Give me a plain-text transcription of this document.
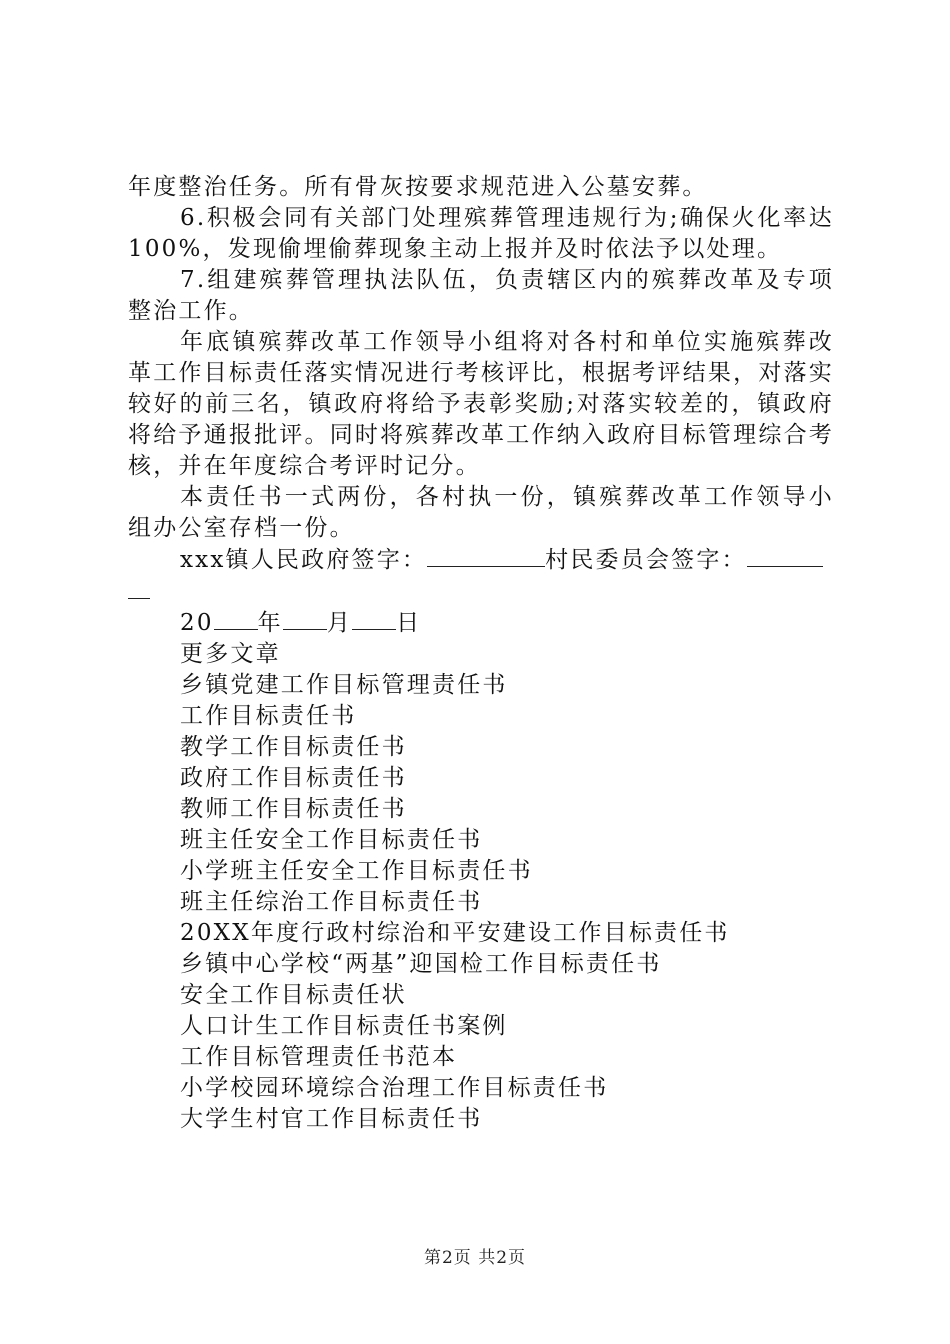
年度整治任务。所有骨灰按要求规范进入公墓安葬。

6.积极会同有关部门处理殡葬管理违规行为;确保火化率达100%，发现偷埋偷葬现象主动上报并及时依法予以处理。

7.组建殡葬管理执法队伍，负责辖区内的殡葬改革及专项整治工作。

年底镇殡葬改革工作领导小组将对各村和单位实施殡葬改革工作目标责任落实情况进行考核评比，根据考评结果，对落实较好的前三名，镇政府将给予表彰奖励;对落实较差的，镇政府将给予通报批评。同时将殡葬改革工作纳入政府目标管理综合考核，并在年度综合考评时记分。

本责任书一式两份，各村执一份，镇殡葬改革工作领导小组办公室存档一份。

xxx镇人民政府签字：	村民委员会签字：

20 年 月 日

更多文章
乡镇党建工作目标管理责任书
工作目标责任书
教学工作目标责任书
政府工作目标责任书
教师工作目标责任书
班主任安全工作目标责任书
小学班主任安全工作目标责任书
班主任综治工作目标责任书
20XX年度行政村综治和平安建设工作目标责任书
乡镇中心学校“两基”迎国检工作目标责任书
安全工作目标责任状
人口计生工作目标责任书案例
工作目标管理责任书范本
小学校园环境综合治理工作目标责任书
大学生村官工作目标责任书
第2页 共2页
